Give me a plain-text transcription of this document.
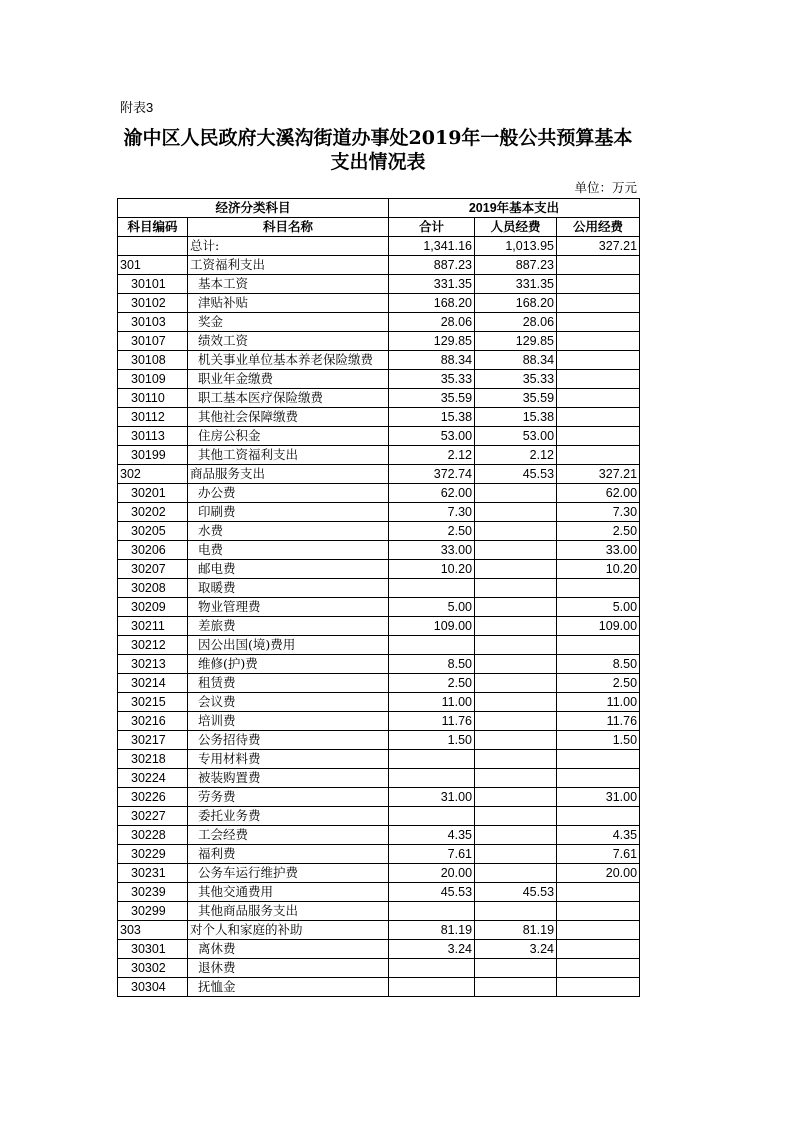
附表3
渝中区人民政府大溪沟街道办事处2019年一般公共预算基本
支出情况表
单位：万元
经济分类科目		2019年基本支出		
科目编码	科目名称	合计	人员经费	公用经费
	总计:	1,341.16	1,013.95	327.21
301	工资福利支出	887.23	887.23	
30101	基本工资	331.35	331.35	
30102	津贴补贴	168.20	168.20	
30103	奖金	28.06	28.06	
30107	绩效工资	129.85	129.85	
30108	机关事业单位基本养老保险缴费	88.34	88.34	
30109	职业年金缴费	35.33	35.33	
30110	职工基本医疗保险缴费	35.59	35.59	
30112	其他社会保障缴费	15.38	15.38	
30113	住房公积金	53.00	53.00	
30199	其他工资福利支出	2.12	2.12	
302	商品服务支出	372.74	45.53	327.21
30201	办公费	62.00		62.00
30202	印刷费	7.30		7.30
30205	水费	2.50		2.50
30206	电费	33.00		33.00
30207	邮电费	10.20		10.20
30208	取暖费			
30209	物业管理费	5.00		5.00
30211	差旅费	109.00		109.00
30212	因公出国(境)费用			
30213	维修(护)费	8.50		8.50
30214	租赁费	2.50		2.50
30215	会议费	11.00		11.00
30216	培训费	11.76		11.76
30217	公务招待费	1.50		1.50
30218	专用材料费			
30224	被装购置费			
30226	劳务费	31.00		31.00
30227	委托业务费			
30228	工会经费	4.35		4.35
30229	福利费	7.61		7.61
30231	公务车运行维护费	20.00		20.00
30239	其他交通费用	45.53	45.53	
30299	其他商品服务支出			
303	对个人和家庭的补助	81.19	81.19	
30301	离休费	3.24	3.24	
30302	退休费			
30304	抚恤金			
